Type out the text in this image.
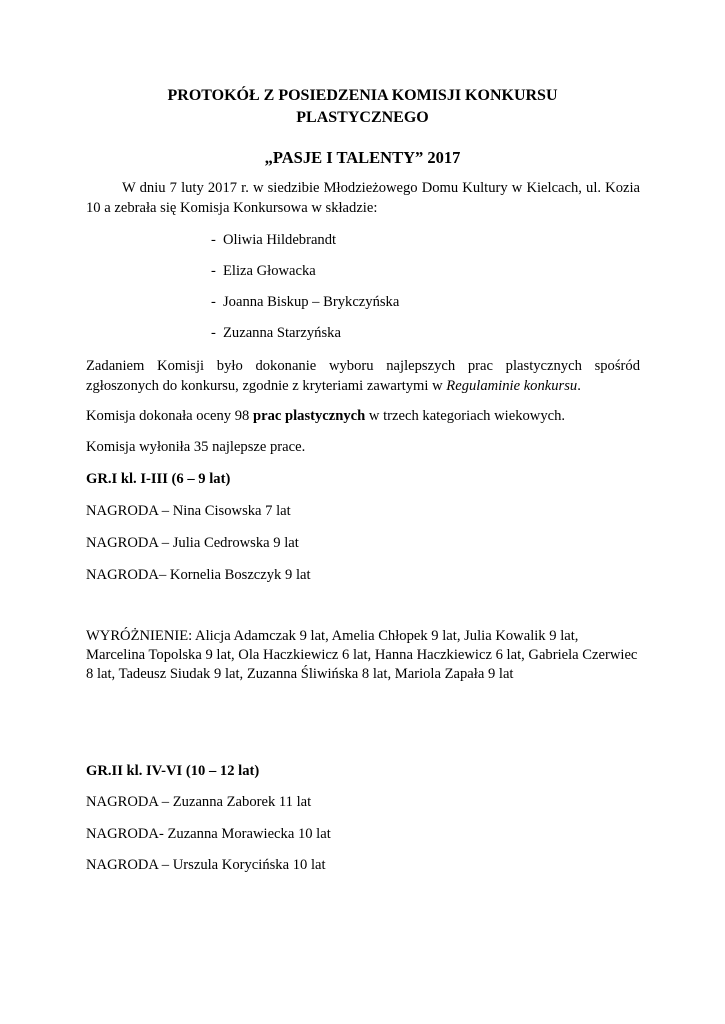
PROTOKÓŁ Z POSIEDZENIA KOMISJI KONKURSU
PLASTYCZNEGO
„PASJE I TALENTY” 2017

W dniu 7 luty 2017 r. w siedzibie Młodzieżowego Domu Kultury w Kielcach, ul. Kozia 10 a zebrała się Komisja Konkursowa w składzie:

- Oliwia Hildebrandt

- Eliza Głowacka

- Joanna Biskup – Brykczyńska

- Zuzanna Starzyńska

Zadaniem Komisji było dokonanie wyboru najlepszych prac plastycznych spośród zgłoszonych do konkursu, zgodnie z kryteriami zawartymi w Regulaminie konkursu.

Komisja dokonała oceny 98 prac plastycznych w trzech kategoriach wiekowych.

Komisja wyłoniła 35 najlepsze prace.

GR.I kl. I-III (6 – 9 lat)

NAGRODA – Nina Cisowska 7 lat

NAGRODA – Julia Cedrowska 9 lat

NAGRODA– Kornelia Boszczyk 9 lat

WYRÓŻNIENIE: Alicja Adamczak 9 lat, Amelia Chłopek 9 lat, Julia Kowalik 9 lat, Marcelina Topolska 9 lat, Ola Haczkiewicz 6 lat, Hanna Haczkiewicz 6 lat, Gabriela Czerwiec 8 lat, Tadeusz Siudak 9 lat, Zuzanna Śliwińska 8 lat, Mariola Zapała 9 lat

GR.II kl. IV-VI (10 – 12 lat)

NAGRODA – Zuzanna Zaborek 11 lat

NAGRODA- Zuzanna Morawiecka 10 lat

NAGRODA – Urszula Korycińska 10 lat
